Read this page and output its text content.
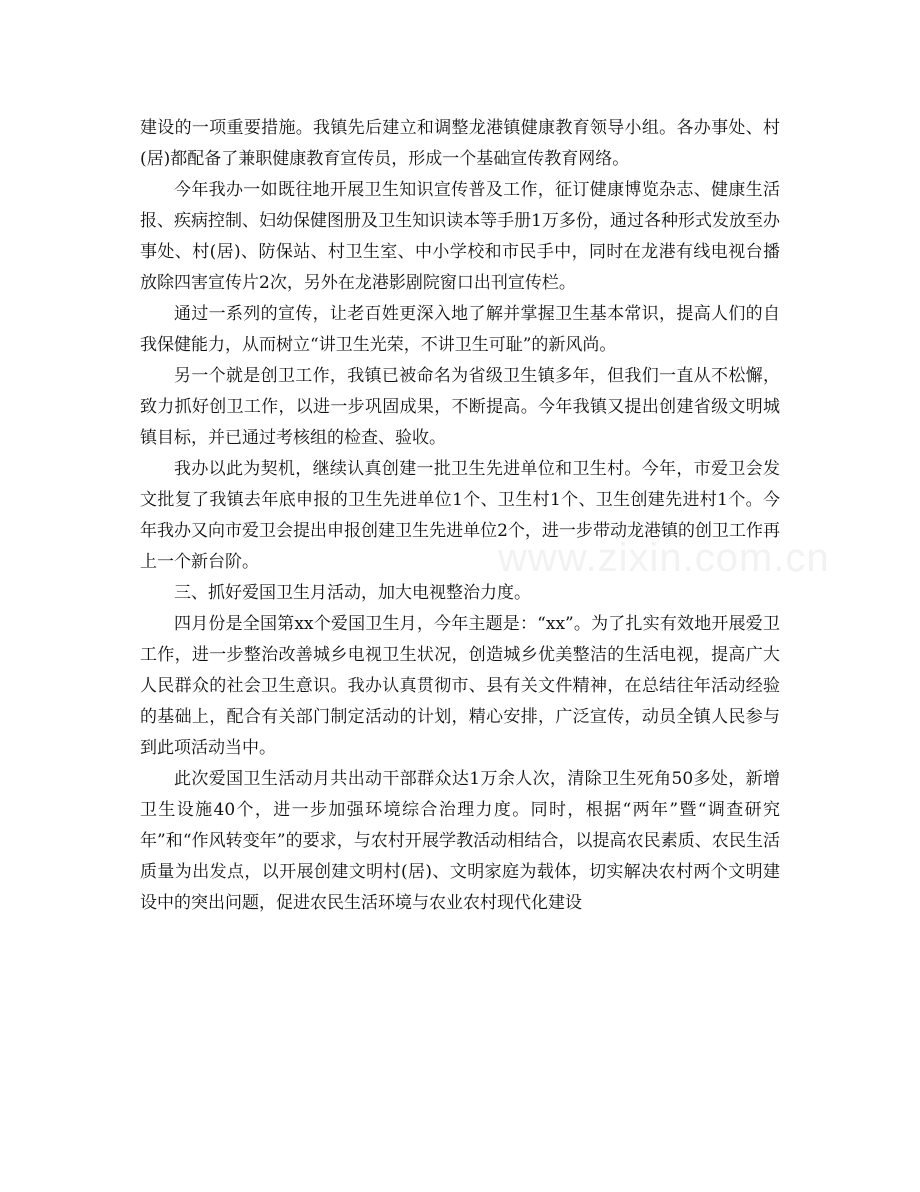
建设的一项重要措施。我镇先后建立和调整龙港镇健康教育领导小组。各办事处、村(居)都配备了兼职健康教育宣传员，形成一个基础宣传教育网络。

今年我办一如既往地开展卫生知识宣传普及工作，征订健康博览杂志、健康生活报、疾病控制、妇幼保健图册及卫生知识读本等手册1万多份，通过各种形式发放至办事处、村(居)、防保站、村卫生室、中小学校和市民手中，同时在龙港有线电视台播放除四害宣传片2次，另外在龙港影剧院窗口出刊宣传栏。

通过一系列的宣传，让老百姓更深入地了解并掌握卫生基本常识，提高人们的自我保健能力，从而树立“讲卫生光荣，不讲卫生可耻”的新风尚。

另一个就是创卫工作，我镇已被命名为省级卫生镇多年，但我们一直从不松懈，致力抓好创卫工作，以进一步巩固成果，不断提高。今年我镇又提出创建省级文明城镇目标，并已通过考核组的检查、验收。

我办以此为契机，继续认真创建一批卫生先进单位和卫生村。今年，市爱卫会发文批复了我镇去年底申报的卫生先进单位1个、卫生村1个、卫生创建先进村1个。今年我办又向市爱卫会提出申报创建卫生先进单位2个，进一步带动龙港镇的创卫工作再上一个新台阶。

三、抓好爱国卫生月活动，加大电视整治力度。

四月份是全国第xx个爱国卫生月，今年主题是：“xx”。为了扎实有效地开展爱卫工作，进一步整治改善城乡电视卫生状况，创造城乡优美整洁的生活电视，提高广大人民群众的社会卫生意识。我办认真贯彻市、县有关文件精神，在总结往年活动经验的基础上，配合有关部门制定活动的计划，精心安排，广泛宣传，动员全镇人民参与到此项活动当中。

此次爱国卫生活动月共出动干部群众达1万余人次，清除卫生死角50多处，新增卫生设施40个，进一步加强环境综合治理力度。同时，根据“两年”暨“调查研究年”和“作风转变年”的要求，与农村开展学教活动相结合，以提高农民素质、农民生活质量为出发点，以开展创建文明村(居)、文明家庭为载体，切实解决农村两个文明建设中的突出问题，促进农民生活环境与农业农村现代化建设

www.zixin.com.cn
